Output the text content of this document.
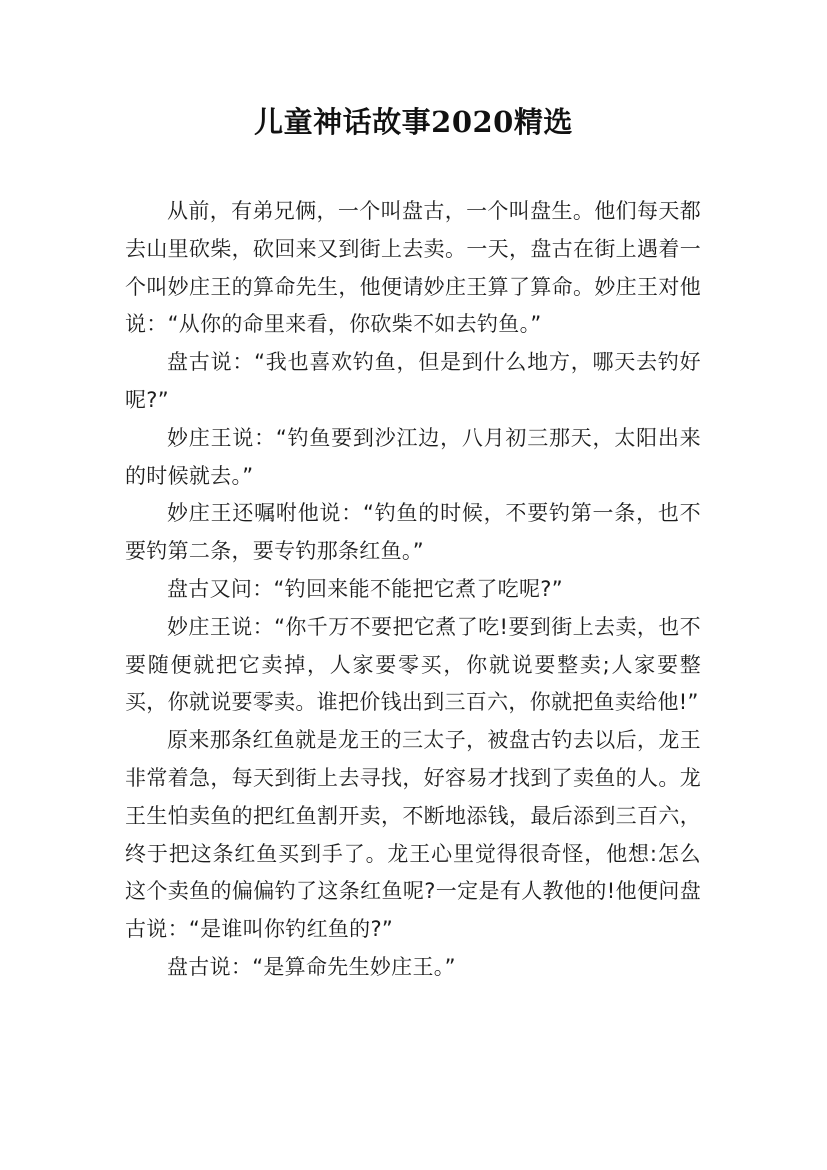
儿童神话故事2020精选

从前，有弟兄俩，一个叫盘古，一个叫盘生。他们每天都去山里砍柴，砍回来又到街上去卖。一天，盘古在街上遇着一个叫妙庄王的算命先生，他便请妙庄王算了算命。妙庄王对他说：“从你的命里来看，你砍柴不如去钓鱼。”

盘古说：“我也喜欢钓鱼，但是到什么地方，哪天去钓好呢?”

妙庄王说：“钓鱼要到沙江边，八月初三那天，太阳出来的时候就去。”

妙庄王还嘱咐他说：“钓鱼的时候，不要钓第一条，也不要钓第二条，要专钓那条红鱼。”

盘古又问：“钓回来能不能把它煮了吃呢?”

妙庄王说：“你千万不要把它煮了吃!要到街上去卖，也不要随便就把它卖掉，人家要零买，你就说要整卖;人家要整买，你就说要零卖。谁把价钱出到三百六，你就把鱼卖给他!”

原来那条红鱼就是龙王的三太子，被盘古钓去以后，龙王非常着急，每天到街上去寻找，好容易才找到了卖鱼的人。龙王生怕卖鱼的把红鱼割开卖，不断地添钱，最后添到三百六，终于把这条红鱼买到手了。龙王心里觉得很奇怪，他想:怎么这个卖鱼的偏偏钓了这条红鱼呢?一定是有人教他的!他便问盘古说：“是谁叫你钓红鱼的?”

盘古说：“是算命先生妙庄王。”
